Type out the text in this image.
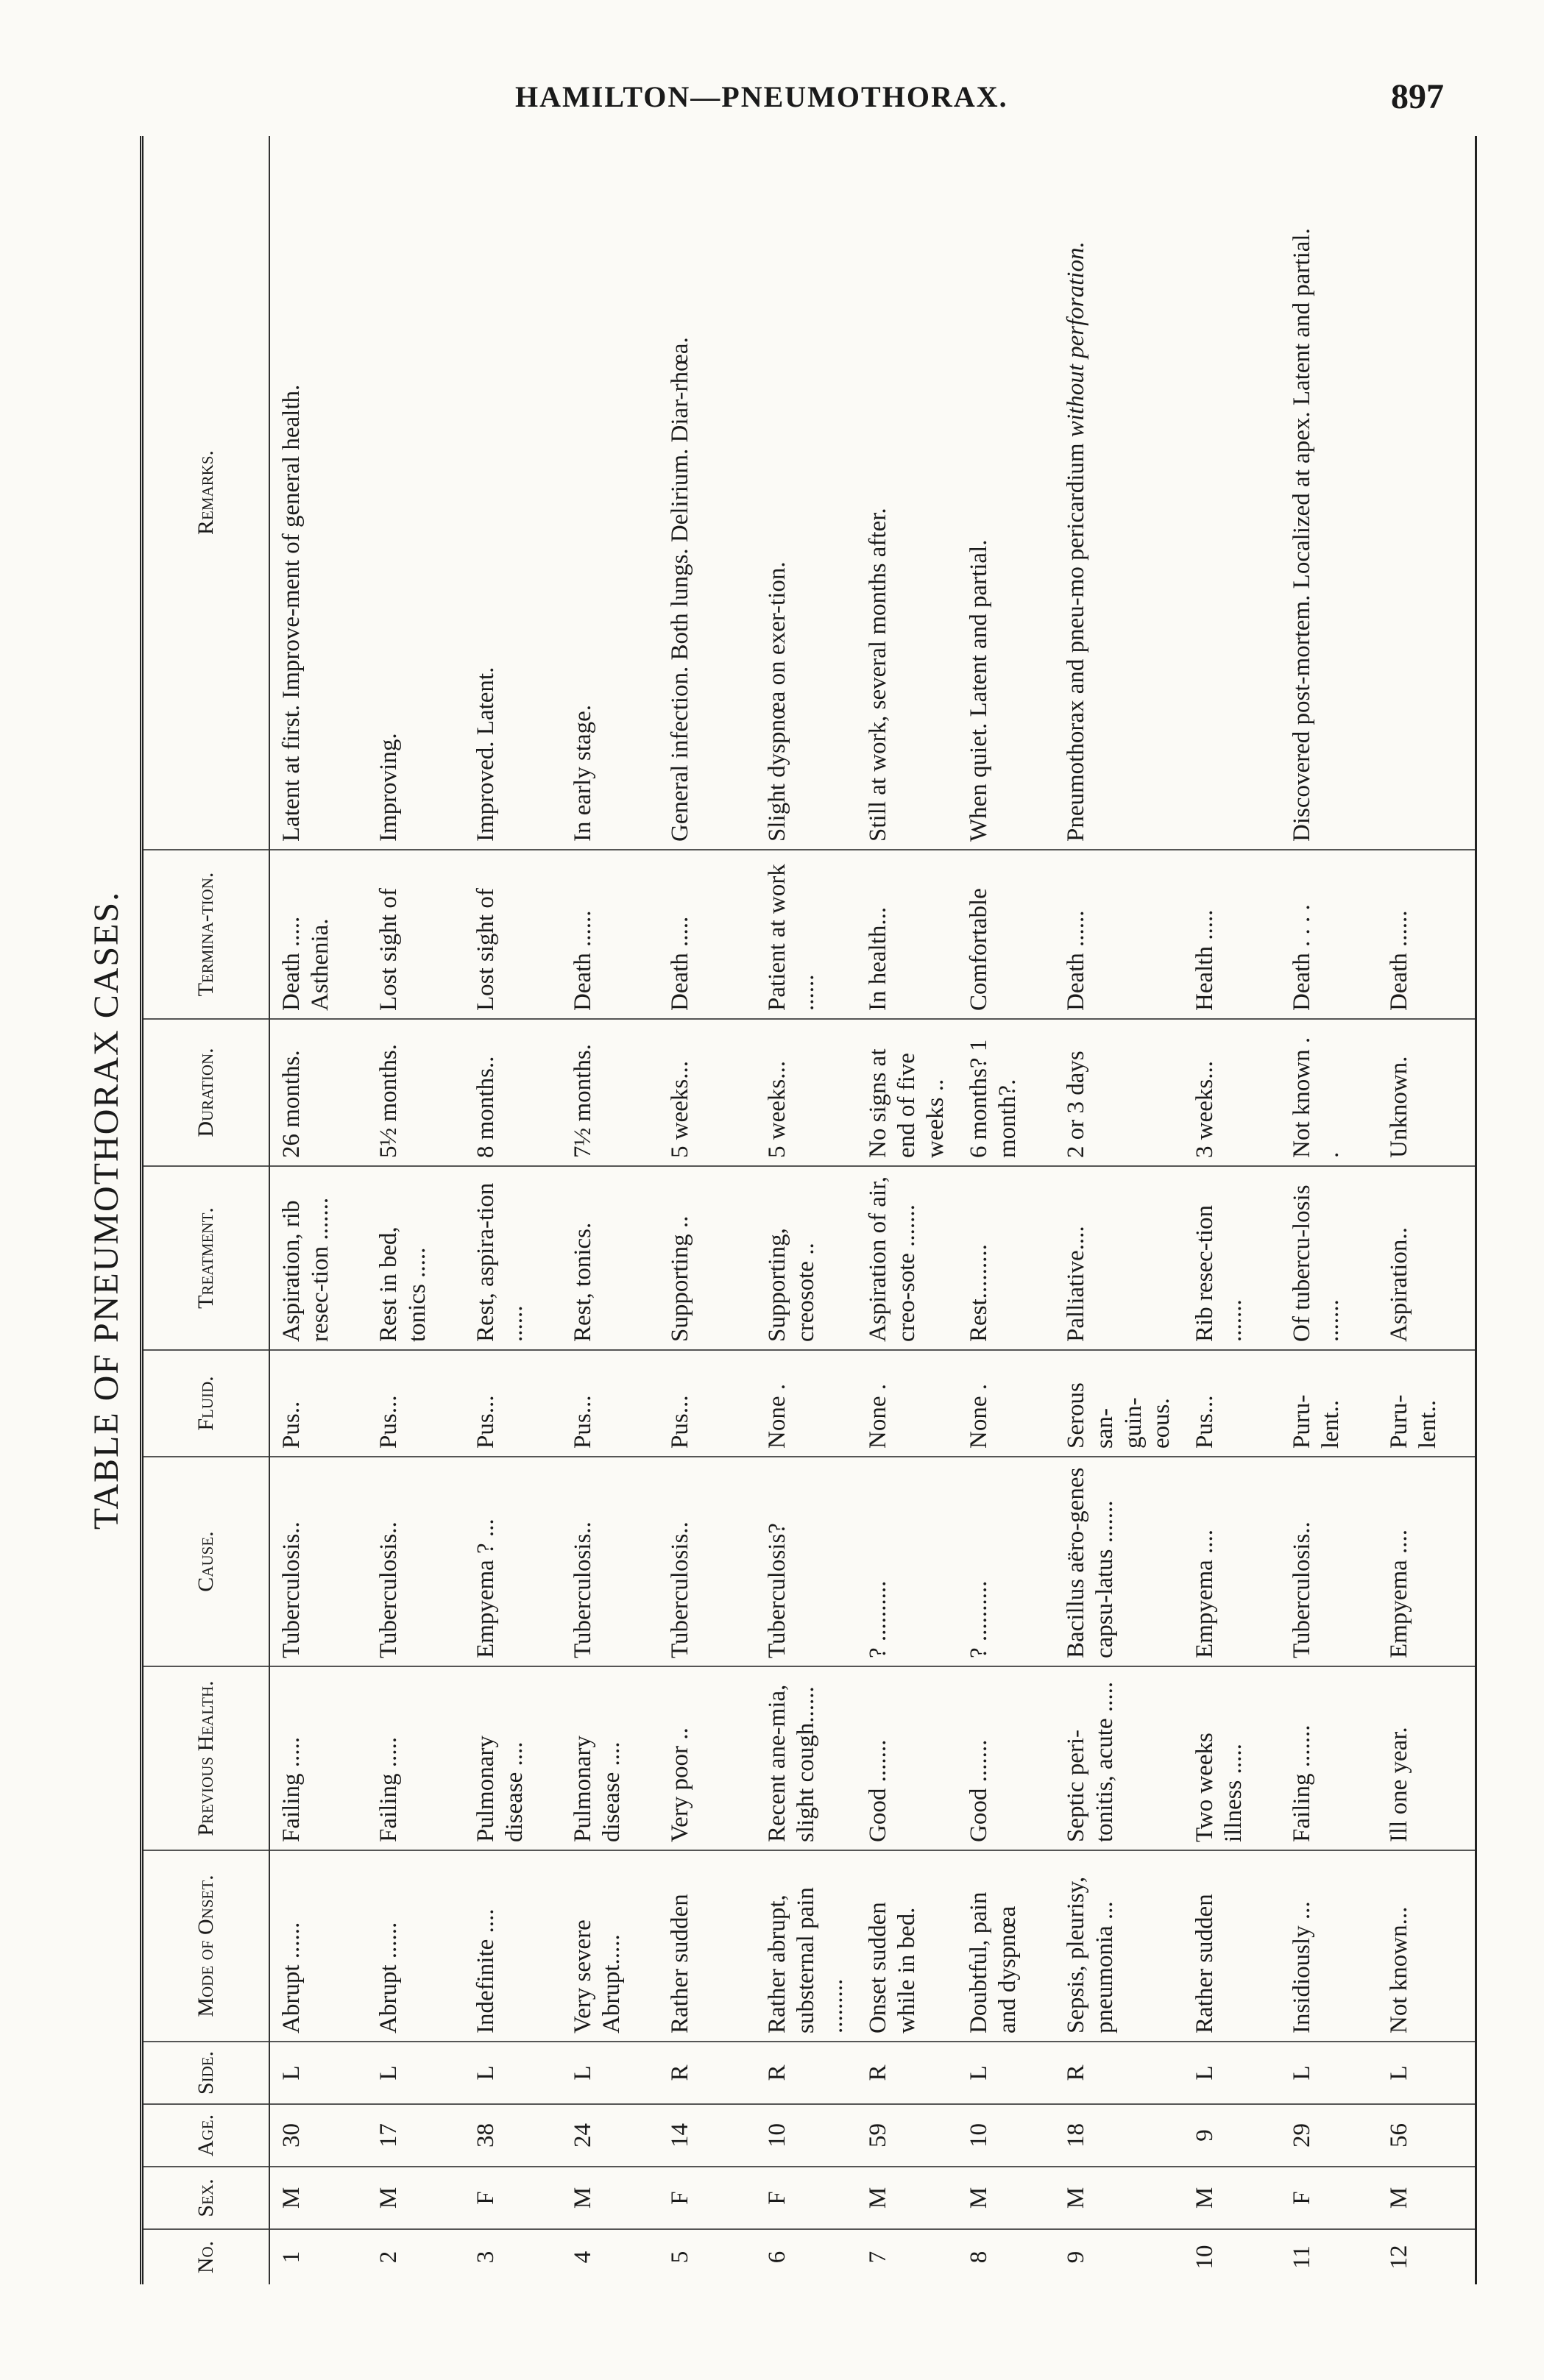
HAMILTON—PNEUMOTHORAX.	897
TABLE OF PNEUMOTHORAX CASES.
No.	Sex.	Age.	Side.	Mode of Onset.	Previous Health.	Cause.	Fluid.	Treatment.	Duration.	Termina-tion.	Remarks.
1	M	30	L	Abrupt ......	Failing .....	Tuberculosis..	Pus..	Aspiration, rib resec-tion .......	26 months.	Death ..... Asthenia.	Latent at first. Improve-ment of general health.
2	M	17	L	Abrupt ......	Failing .....	Tuberculosis..	Pus...	Rest in bed, tonics .....	5½ months.	Lost sight of	Improving.
3	F	38	L	Indefinite ....	Pulmonary disease ....	Empyema ? ...	Pus...	Rest, aspira-tion ......	8 months..	Lost sight of	Improved. Latent.
4	M	24	L	Very severe Abrupt.....	Pulmonary disease ....	Tuberculosis..	Pus...	Rest, tonics.	7½ months.	Death ......	In early stage.
5	F	14	R	Rather sudden	Very poor ..	Tuberculosis..	Pus...	Supporting ..	5 weeks...	Death .....	General infection. Both lungs. Delirium. Diar-rhœa.
6	F	10	R	Rather abrupt, substernal pain .........	Recent ane-mia, slight cough......	Tuberculosis?	None .	Supporting, creosote ..	5 weeks...	Patient at work ......	Slight dyspnœa on exer-tion.
7	M	59	R	Onset sudden while in bed.	Good .......	? ..........	None .	Aspiration of air, creo-sote .......	No signs at end of five weeks ..	In health...	Still at work, several months after.
8	M	10	L	Doubtful, pain and dyspnœa	Good .......	? ..........	None .	Rest.........	6 months? 1 month?.	Comfortable	When quiet. Latent and partial.
9	M	18	R	Sepsis, pleurisy, pneumonia ...	Septic peri-tonitis, acute .....	Bacillus aëro-genes capsu-latus .......	Serous san-guin-eous.	Palliative....	2 or 3 days	Death ......	Pneumothorax and pneu-mo pericardium without perforation.
10	M	9	L	Rather sudden	Two weeks illness .....	Empyema ....	Pus...	Rib resec-tion .......	3 weeks...	Health .....	
11	F	29	L	Insidiously ...	Failing .......	Tuberculosis..	Puru-lent..	Of tubercu-losis .......	Not known . .	Death . . . .	Discovered post-mortem. Localized at apex. Latent and partial.
12	M	56	L	Not known...	Ill one year.	Empyema ....	Puru-lent..	Aspiration..	Unknown.	Death ......	
